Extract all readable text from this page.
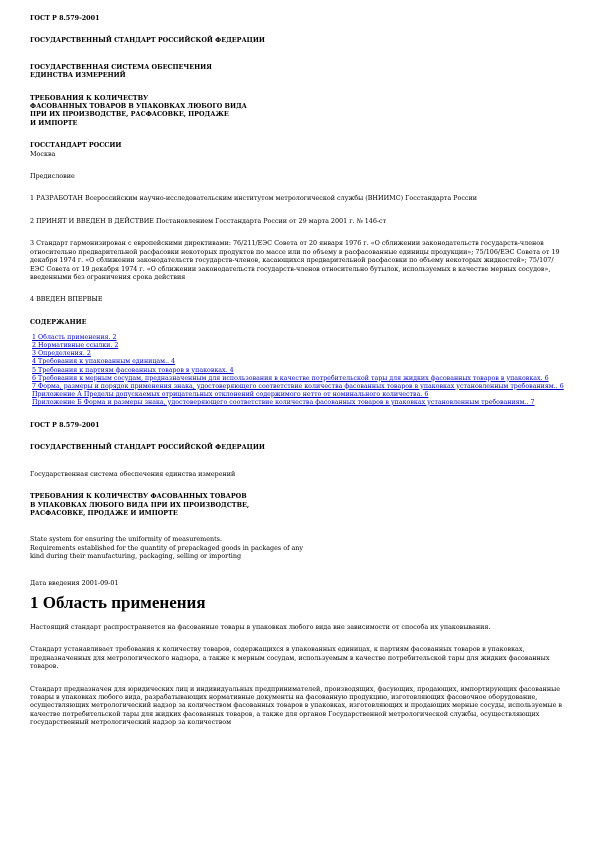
ГОСТ Р 8.579-2001
ГОСУДАРСТВЕННЫЙ СТАНДАРТ РОССИЙСКОЙ ФЕДЕРАЦИИ
ГОСУДАРСТВЕННАЯ СИСТЕМА ОБЕСПЕЧЕНИЯ
ЕДИНСТВА ИЗМЕРЕНИЙ
ТРЕБОВАНИЯ К КОЛИЧЕСТВУ
ФАСОВАННЫХ ТОВАРОВ В УПАКОВКАХ ЛЮБОГО ВИДА
ПРИ ИХ ПРОИЗВОДСТВЕ, РАСФАСОВКЕ, ПРОДАЖЕ
И ИМПОРТЕ
ГОССТАНДАРТ РОССИИ
Москва
Предисловие

1 РАЗРАБОТАН Всероссийским научно-исследовательским институтом метрологической службы (ВНИИМС) Госстандарта России

2 ПРИНЯТ И ВВЕДЕН В ДЕЙСТВИЕ Постановлением Госстандарта России от 29 марта 2001 г. № 146-ст

3 Стандарт гармонизирован с европейскими директивами: 76/211/ЕЭС Совета от 20 января 1976 г. «О сближении законодательств государств-членов относительно предварительной расфасовки некоторых продуктов по массе или по объему в расфасованные единицы продукции»; 75/106/ЕЭС Совета от 19 декабря 1974 г. «О сближении законодательств государств-членов, касающихся предварительной расфасовки по объему некоторых жидкостей»; 75/107/ЕЭС Совета от 19 декабря 1974 г. «О сближении законодательств государств-членов относительно бутылок, используемых в качестве мерных сосудов», введенными без ограничения срока действия

4 ВВЕДЕН ВПЕРВЫЕ

СОДЕРЖАНИЕ
1 Область применения. 2
2 Нормативные ссылки. 2
3 Определения. 2
4 Требования к упакованным единицам.. 4
5 Требования к партиям фасованных товаров в упаковках. 4
6 Требования к мерным сосудам, предназначенным для использования в качестве потребительской тары для жидких фасованных товаров в упаковках. 6
7 Форма, размеры и порядок применения знака, удостоверяющего соответствие количества фасованных товаров в упаковках установленным требованиям.. 6
Приложение А Пределы допускаемых отрицательных отклонений содержимого нетто от номинального количества. 6
Приложение Б Форма и размеры знака, удостоверяющего соответствие количества фасованных товаров в упаковках установленным требованиям.. 7
ГОСТ Р 8.579-2001
ГОСУДАРСТВЕННЫЙ СТАНДАРТ РОССИЙСКОЙ ФЕДЕРАЦИИ
Государственная система обеспечения единства измерений
ТРЕБОВАНИЯ К КОЛИЧЕСТВУ ФАСОВАННЫХ ТОВАРОВ
В УПАКОВКАХ ЛЮБОГО ВИДА ПРИ ИХ ПРОИЗВОДСТВЕ,
РАСФАСОВКЕ, ПРОДАЖЕ И ИМПОРТЕ
State system for ensuring the uniformity of measurements.
Requirements established for the quantity of prepackaged goods in packages of any
kind during their manufacturing, packaging, selling or importing
Дата введения 2001-09-01
1 Область применения

Настоящий стандарт распространяется на фасованные товары в упаковках любого вида вне зависимости от способа их упаковывания.

Стандарт устанавливает требования к количеству товаров, содержащихся в упакованных единицах, к партиям фасованных товаров в упаковках, предназначенных для метрологического надзора, а также к мерным сосудам, используемым в качестве потребительской тары для жидких фасованных товаров.

Стандарт предназначен для юридических лиц и индивидуальных предпринимателей, производящих, фасующих, продающих, импортирующих фасованные товары в упаковках любого вида, разрабатывающих нормативные документы на фасованную продукцию, изготовляющих фасовочное оборудование, осуществляющих метрологический надзор за количеством фасованных товаров в упаковках, изготовляющих и продающих мерные сосуды, используемые в качестве потребительской тары для жидких фасованных товаров, а также для органов Государственной метрологической службы, осуществляющих государственный метрологический надзор за количеством
